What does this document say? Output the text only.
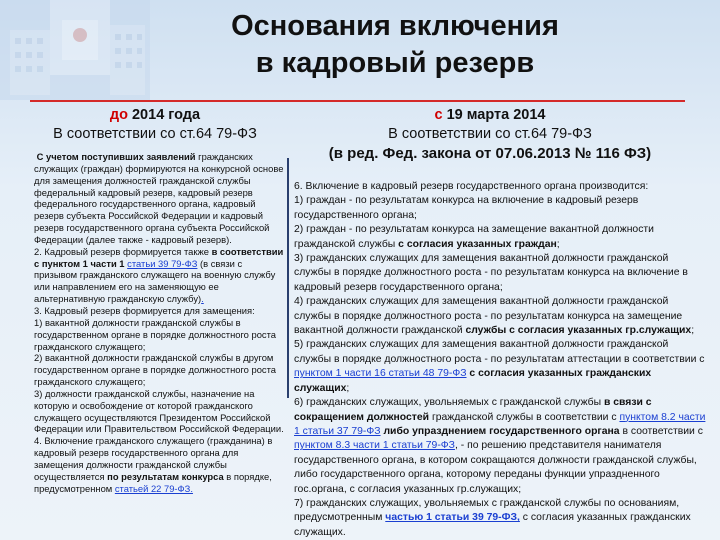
Основания включения
в кадровый резерв
до 2014 года
В соответствии со ст.64 79-ФЗ
с 19 марта 2014
В соответствии со ст.64 79-ФЗ
(в ред. Фед. закона от 07.06.2013 № 116 ФЗ)

С учетом поступивших заявлений гражданских служащих (граждан) формируются на конкурсной основе для замещения должностей гражданской службы федеральный кадровый резерв, кадровый резерв федерального государственного органа, кадровый резерв субъекта Российской Федерации и кадровый резерв государственного органа субъекта Российской Федерации (далее также - кадровый резерв).

2. Кадровый резерв формируется также в соответствии с пунктом 1 части 1 статьи 39 79-ФЗ (в связи с призывом гражданского служащего на военную службу или направлением его на заменяющую ее альтернативную гражданскую службу).

3. Кадровый резерв формируется для замещения:

1) вакантной должности гражданской службы в государственном органе в порядке должностного роста гражданского служащего;

2) вакантной должности гражданской службы в другом государственном органе в порядке должностного роста гражданского служащего;

3) должности гражданской службы, назначение на которую и освобождение от которой гражданского служащего осуществляются Президентом Российской Федерации или Правительством Российской Федерации.

4. Включение гражданского служащего (гражданина) в кадровый резерв государственного органа для замещения должности гражданской службы осуществляется по результатам конкурса в порядке, предусмотренном статьей 22 79-ФЗ.

6. Включение в кадровый резерв государственного органа производится:

1) граждан - по результатам конкурса на включение в кадровый резерв государственного органа;

2) граждан - по результатам конкурса на замещение вакантной должности гражданской службы с согласия указанных граждан;

3) гражданских служащих для замещения вакантной должности гражданской службы в порядке должностного роста - по результатам конкурса на включение в кадровый резерв государственного органа;

4) гражданских служащих для замещения вакантной должности гражданской службы в порядке должностного роста - по результатам конкурса на замещение вакантной должности гражданской службы с согласия указанных гр.служащих;

5) гражданских служащих для замещения вакантной должности гражданской службы в порядке должностного роста - по результатам аттестации в соответствии с пунктом 1 части 16 статьи 48 79-ФЗ с согласия указанных гражданских служащих;

6) гражданских служащих, увольняемых с гражданской службы в связи с сокращением должностей гражданской службы в соответствии с пунктом 8.2 части 1 статьи 37 79-ФЗ либо упразднением государственного органа в соответствии с пунктом 8.3 части 1 статьи 79-ФЗ, - по решению представителя нанимателя государственного органа, в котором сокращаются должности гражданской службы, либо государственного органа, которому переданы функции упраздненного гос.органа, с согласия указанных гр.служащих;

7) гражданских служащих, увольняемых с гражданской службы по основаниям, предусмотренным частью 1 статьи 39 79-ФЗ, с согласия указанных гражданских служащих.
